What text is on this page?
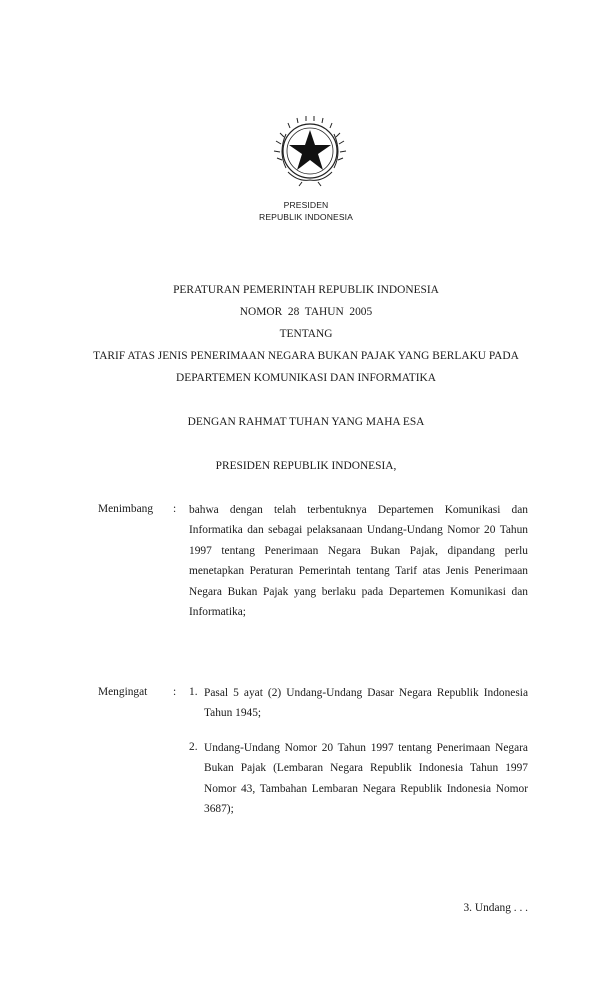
PRESIDEN
REPUBLIK INDONESIA
PERATURAN PEMERINTAH REPUBLIK INDONESIA
NOMOR  28  TAHUN  2005
TENTANG
TARIF ATAS JENIS PENERIMAAN NEGARA BUKAN PAJAK YANG BERLAKU PADA
DEPARTEMEN KOMUNIKASI DAN INFORMATIKA
DENGAN RAHMAT TUHAN YANG MAHA ESA
PRESIDEN REPUBLIK INDONESIA,
Menimbang : bahwa dengan telah terbentuknya Departemen Komunikasi dan Informatika dan sebagai pelaksanaan Undang-Undang Nomor 20 Tahun 1997 tentang Penerimaan Negara Bukan Pajak, dipandang perlu menetapkan Peraturan Pemerintah tentang Tarif atas Jenis Penerimaan Negara Bukan Pajak yang berlaku pada Departemen Komunikasi dan Informatika;

Mengingat : 1. Pasal 5 ayat (2) Undang-Undang Dasar Negara Republik Indonesia Tahun 1945;

2. Undang-Undang Nomor 20 Tahun 1997 tentang Penerimaan Negara Bukan Pajak (Lembaran Negara Republik Indonesia Tahun 1997 Nomor 43, Tambahan Lembaran Negara Republik Indonesia Nomor 3687);

3. Undang . . .
